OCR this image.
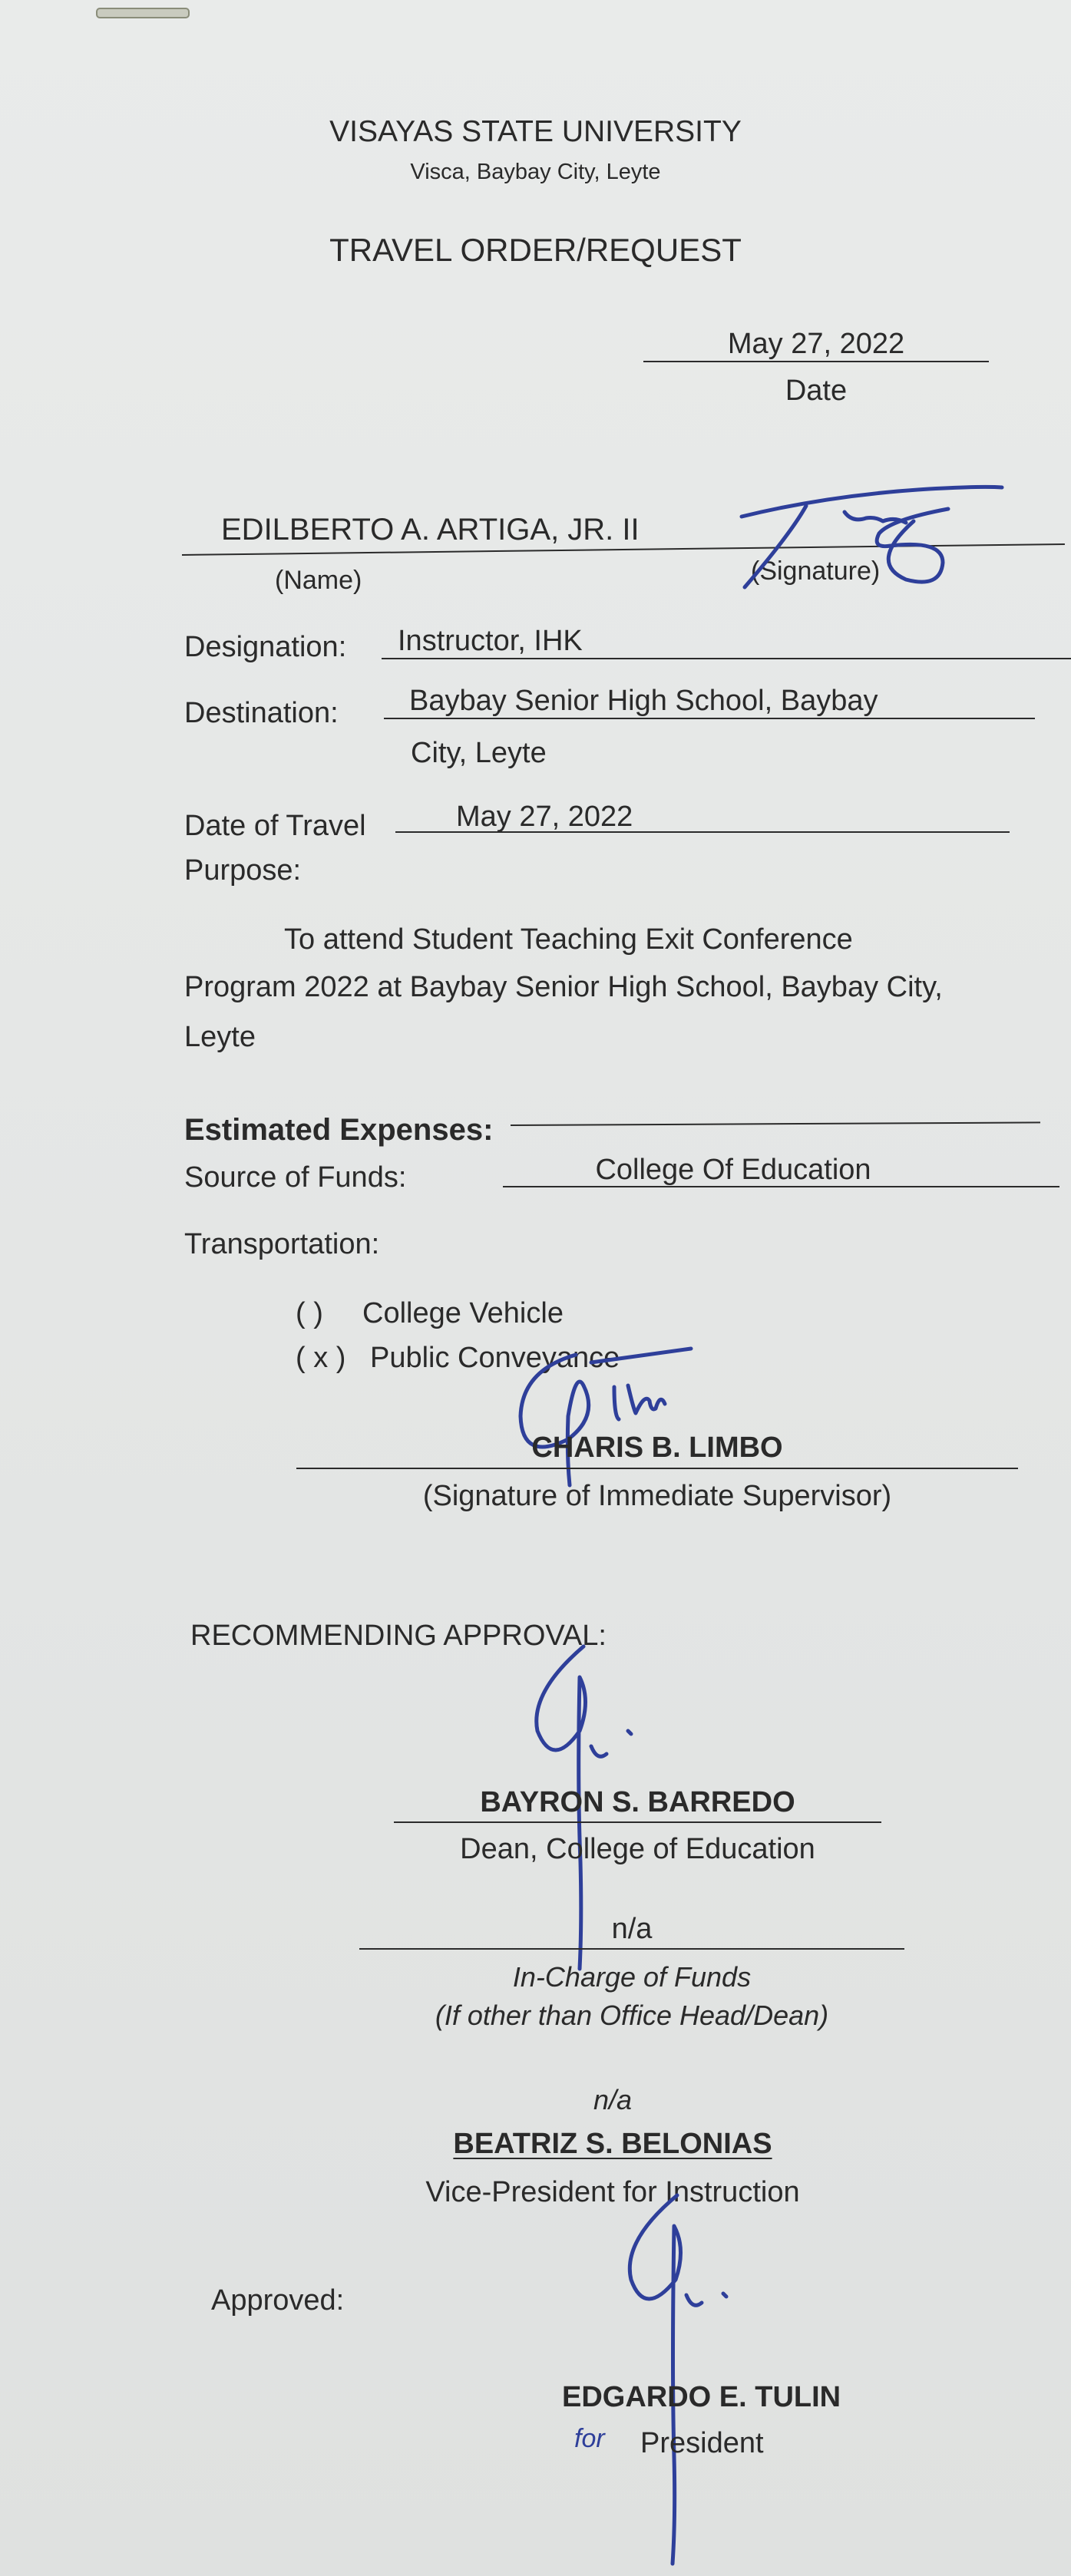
VISAYAS STATE UNIVERSITY
Visca, Baybay City, Leyte
TRAVEL ORDER/REQUEST
May 27, 2022
Date
EDILBERTO A. ARTIGA, JR. II
(Name)	(Signature)
Designation: Instructor, IHK
Destination: Baybay Senior High School, Baybay
City, Leyte
Date of Travel	May 27, 2022
Purpose:
To attend Student Teaching Exit Conference
Program 2022 at Baybay Senior High School, Baybay City,
Leyte
Estimated Expenses:
Source of Funds:	College Of Education
Transportation:
( ) College Vehicle
( x ) Public Conveyance
CHARIS B. LIMBO
(Signature of Immediate Supervisor)
RECOMMENDING APPROVAL:
BAYRON S. BARREDO
Dean, College of Education
n/a
In-Charge of Funds
(If other than Office Head/Dean)
n/a
BEATRIZ S. BELONIAS
Vice-President for Instruction
Approved:
EDGARDO E. TULIN
for President
